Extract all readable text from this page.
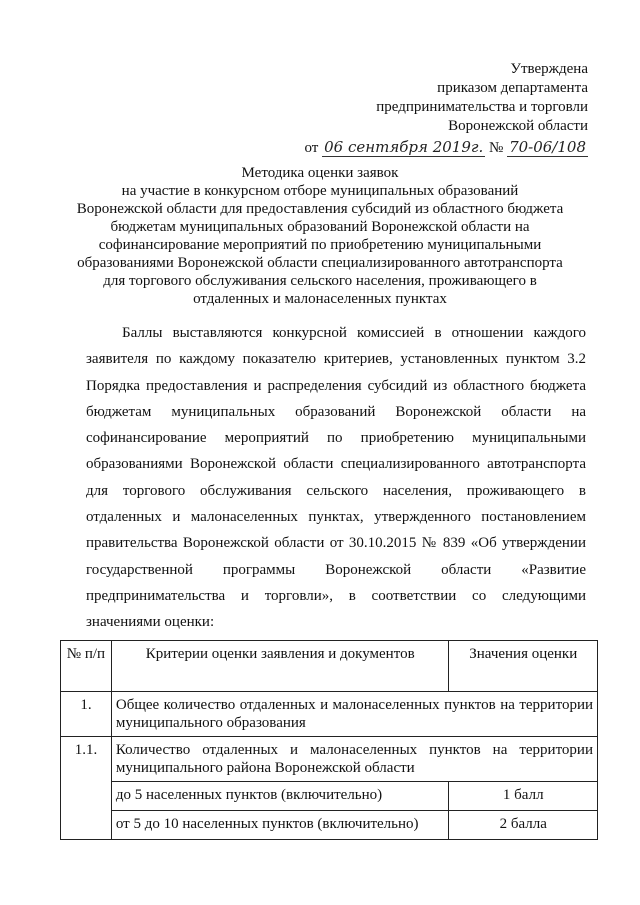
Утверждена
приказом департамента
предпринимательства и торговли
Воронежской области
от 06 сентября 2019г. № 70-06/108
Методика оценки заявок
на участие в конкурсном отборе муниципальных образований
Воронежской области для предоставления субсидий из областного бюджета
бюджетам муниципальных образований Воронежской области на
софинансирование мероприятий по приобретению муниципальными
образованиями Воронежской области специализированного автотранспорта
для торгового обслуживания сельского населения, проживающего в
отдаленных и малонаселенных пунктах

Баллы выставляются конкурсной комиссией в отношении каждого заявителя по каждому показателю критериев, установленных пунктом 3.2 Порядка предоставления и распределения субсидий из областного бюджета бюджетам муниципальных образований Воронежской области на софинансирование мероприятий по приобретению муниципальными образованиями Воронежской области специализированного автотранспорта для торгового обслуживания сельского населения, проживающего в отдаленных и малонаселенных пунктах, утвержденного постановлением правительства Воронежской области от 30.10.2015 № 839 «Об утверждении государственной программы Воронежской области «Развитие предпринимательства и торговли», в соответствии со следующими значениями оценки:

№ п/п	Критерии оценки заявления и документов	Значения оценки
1.	Общее количество отдаленных и малонаселенных пунктов на территории муниципального образования	
1.1.	Количество отдаленных и малонаселенных пунктов на территории муниципального района Воронежской области	
	до 5 населенных пунктов (включительно)	1 балл
	от 5 до 10 населенных пунктов (включительно)	2 балла
